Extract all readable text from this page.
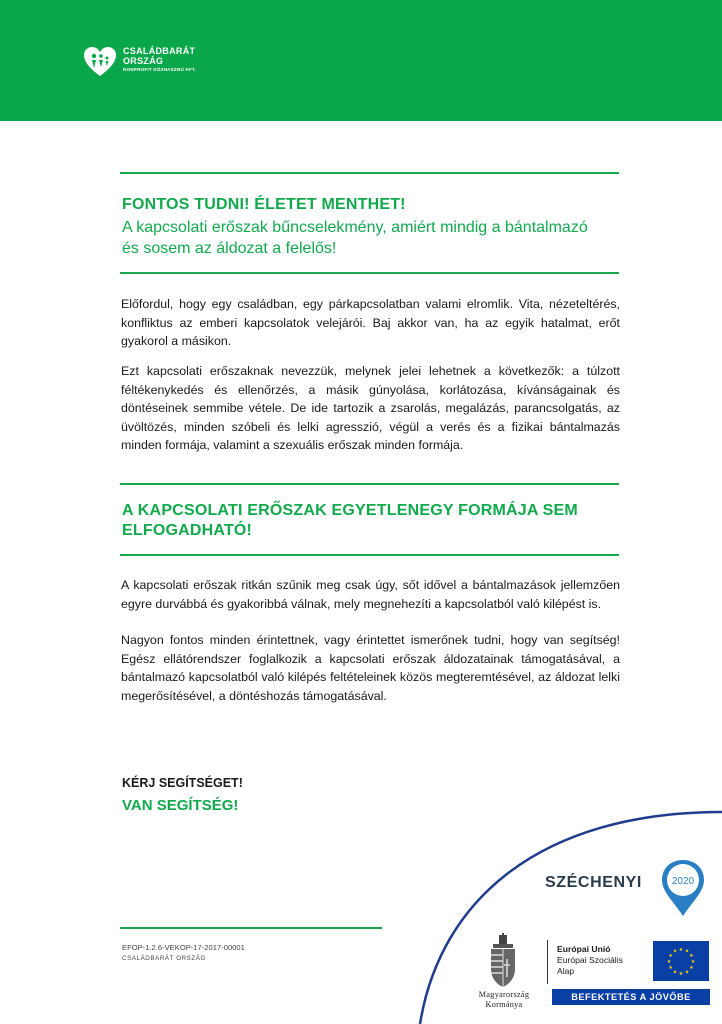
CSALÁDBARÁT
ORSZÁG
NONPROFIT KÖZHASZNÚ KFT.
FONTOS TUDNI! ÉLETET MENTHET!
A kapcsolati erőszak bűncselekmény, amiért mindig a bántalmazó és sosem az áldozat a felelős!
Előfordul, hogy egy családban, egy párkapcsolatban valami elromlik. Vita, nézeteltérés, konfliktus az emberi kapcsolatok velejárói. Baj akkor van, ha az egyik hatalmat, erőt gyakorol a másikon.
Ezt kapcsolati erőszaknak nevezzük, melynek jelei lehetnek a következők: a túlzott féltékenykedés és ellenőrzés, a másik gúnyolása, korlátozása, kívánságainak és döntéseinek semmibe vétele. De ide tartozik a zsarolás, megalázás, parancsolgatás, az üvöltözés, minden szóbeli és lelki agresszió, végül a verés és a fizikai bántalmazás minden formája, valamint a szexuális erőszak minden formája.
A KAPCSOLATI ERŐSZAK EGYETLENEGY FORMÁJA SEM ELFOGADHATÓ!
A kapcsolati erőszak ritkán szűnik meg csak úgy, sőt idővel a bántalmazások jellemzően egyre durvábbá és gyakoribbá válnak, mely megnehezíti a kapcsolatból való kilépést is.
Nagyon fontos minden érintettnek, vagy érintettet ismerőnek tudni, hogy van segítség! Egész ellátórendszer foglalkozik a kapcsolati erőszak áldozatainak támogatásával, a bántalmazó kapcsolatból való kilépés feltételeinek közös megteremtésével, az áldozat lelki megerősítésével, a döntéshozás támogatásával.
KÉRJ SEGÍTSÉGET!
VAN SEGÍTSÉG!
EFOP-1.2.6-VEKOP-17-2017-00001
CSALÁDBARÁT ORSZÁG
SZÉCHENYI	2020
Magyarország
Kormánya
Európai Unió
Európai Szociális
Alap
★ ★
★
★
★
★
★
★
★
★
★
★
BEFEKTETÉS A JÖVŐBE
